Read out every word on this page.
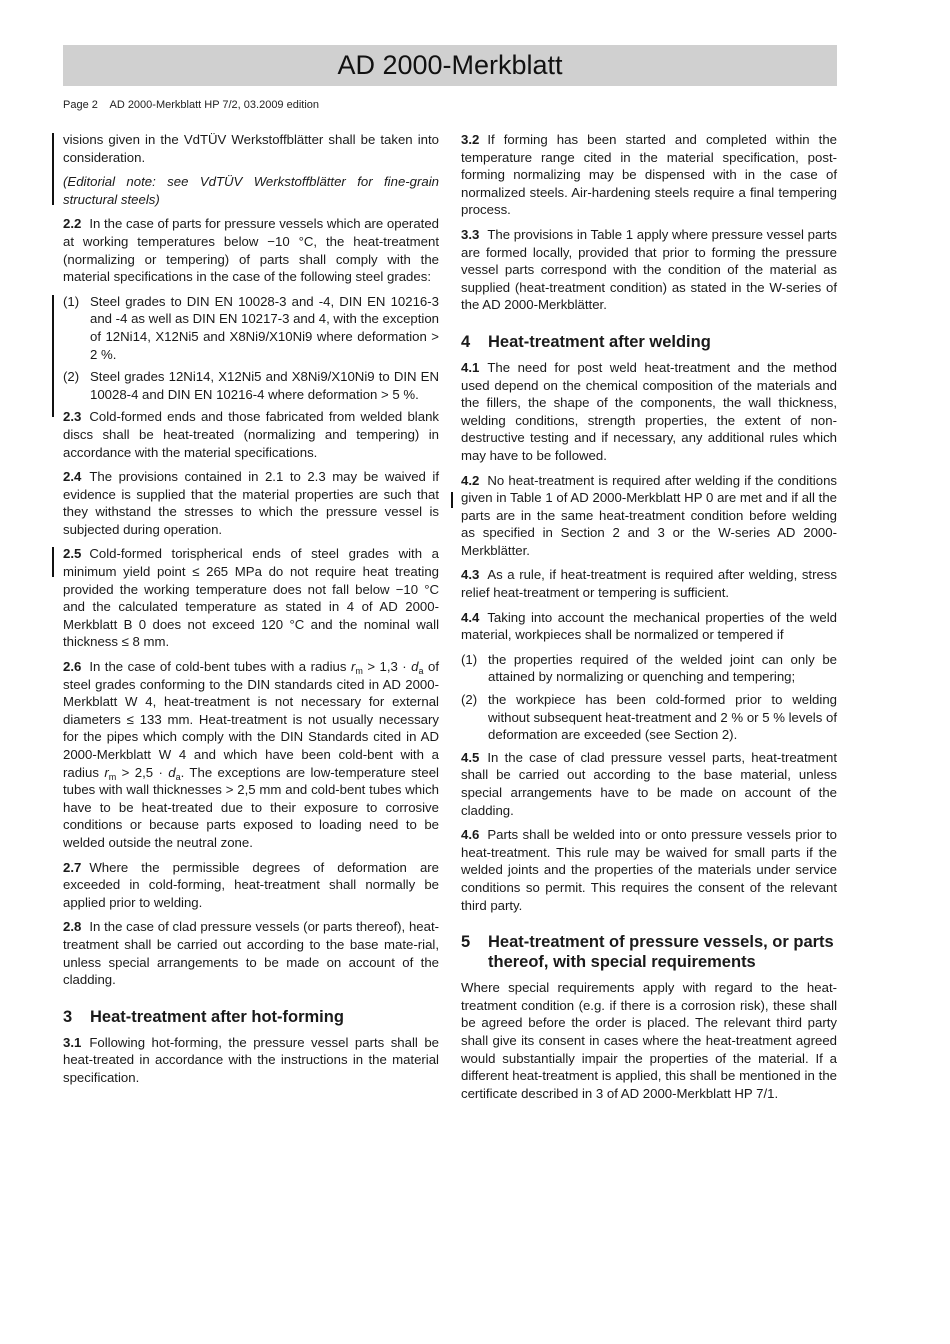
AD 2000-Merkblatt
Page 2    AD 2000-Merkblatt HP 7/2, 03.2009 edition

visions given in the VdTÜV Werkstoffblätter shall be taken into consideration.

(Editorial note: see VdTÜV Werkstoffblätter for fine-grain structural steels)

2.2 In the case of parts for pressure vessels which are operated at working temperatures below −10 °C, the heat-treatment (normalizing or tempering) of parts shall comply with the material specifications in the case of the following steel grades:

(1) Steel grades to DIN EN 10028-3 and -4, DIN EN 10216-3 and -4 as well as DIN EN 10217-3 and 4, with the exception of 12Ni14, X12Ni5 and X8Ni9/X10Ni9 where deformation > 2 %.

(2) Steel grades 12Ni14, X12Ni5 and X8Ni9/X10Ni9 to DIN EN 10028-4 and DIN EN 10216-4 where deformation > 5 %.

2.3 Cold-formed ends and those fabricated from welded blank discs shall be heat-treated (normalizing and tempering) in accordance with the material specifications.

2.4 The provisions contained in 2.1 to 2.3 may be waived if evidence is supplied that the material properties are such that they withstand the stresses to which the pressure vessel is subjected during operation.

2.5 Cold-formed torispherical ends of steel grades with a minimum yield point ≤ 265 MPa do not require heat treating provided the working temperature does not fall below −10 °C and the calculated temperature as stated in 4 of AD 2000-Merkblatt B 0 does not exceed 120 °C and the nominal wall thickness ≤ 8 mm.

2.6 In the case of cold-bent tubes with a radius $r_m > 1,3 \cdot d_a$ of steel grades conforming to the DIN standards cited in AD 2000-Merkblatt W 4, heat-treatment is not necessary for external diameters ≤ 133 mm. Heat-treatment is not usually necessary for the pipes which comply with the DIN Standards cited in AD 2000-Merkblatt W 4 and which have been cold-bent with a radius $r_m > 2,5 \cdot d_a$. The exceptions are low-temperature steel tubes with wall thicknesses > 2,5 mm and cold-bent tubes which have to be heat-treated due to their exposure to corrosive conditions or because parts exposed to loading need to be welded outside the neutral zone.

2.7 Where the permissible degrees of deformation are exceeded in cold-forming, heat-treatment shall normally be applied prior to welding.

2.8 In the case of clad pressure vessels (or parts thereof), heat-treatment shall be carried out according to the base mate-rial, unless special arrangements to be made on account of the cladding.

3	Heat-treatment after hot-forming

3.1 Following hot-forming, the pressure vessel parts shall be heat-treated in accordance with the instructions in the material specification.

3.2 If forming has been started and completed within the temperature range cited in the material specification, post-forming normalizing may be dispensed with in the case of normalized steels. Air-hardening steels require a final tempering process.

3.3 The provisions in Table 1 apply where pressure vessel parts are formed locally, provided that prior to forming the pressure vessel parts correspond with the condition of the material as supplied (heat-treatment condition) as stated in the W-series of the AD 2000-Merkblätter.

4	Heat-treatment after welding

4.1 The need for post weld heat-treatment and the method used depend on the chemical composition of the materials and the fillers, the shape of the components, the wall thickness, welding conditions, strength properties, the extent of non-destructive testing and if necessary, any additional rules which may have to be followed.

4.2 No heat-treatment is required after welding if the conditions given in Table 1 of AD 2000-Merkblatt HP 0 are met and if all the parts are in the same heat-treatment condition before welding as specified in Section 2 and 3 or the W-series AD 2000-Merkblätter.

4.3 As a rule, if heat-treatment is required after welding, stress relief heat-treatment or tempering is sufficient.

4.4 Taking into account the mechanical properties of the weld material, workpieces shall be normalized or tempered if

(1) the properties required of the welded joint can only be attained by normalizing or quenching and tempering;

(2) the workpiece has been cold-formed prior to welding without subsequent heat-treatment and 2 % or 5 % levels of deformation are exceeded (see Section 2).

4.5 In the case of clad pressure vessel parts, heat-treatment shall be carried out according to the base material, unless special arrangements have to be made on account of the cladding.

4.6 Parts shall be welded into or onto pressure vessels prior to heat-treatment. This rule may be waived for small parts if the welded joints and the properties of the materials under service conditions so permit. This requires the consent of the relevant third party.

5	Heat-treatment of pressure vessels, or parts thereof, with special requirements

Where special requirements apply with regard to the heat-treatment condition (e.g. if there is a corrosion risk), these shall be agreed before the order is placed. The relevant third party shall give its consent in cases where the heat-treatment agreed would substantially impair the properties of the material. If a different heat-treatment is applied, this shall be mentioned in the certificate described in 3 of AD 2000-Merkblatt HP 7/1.
